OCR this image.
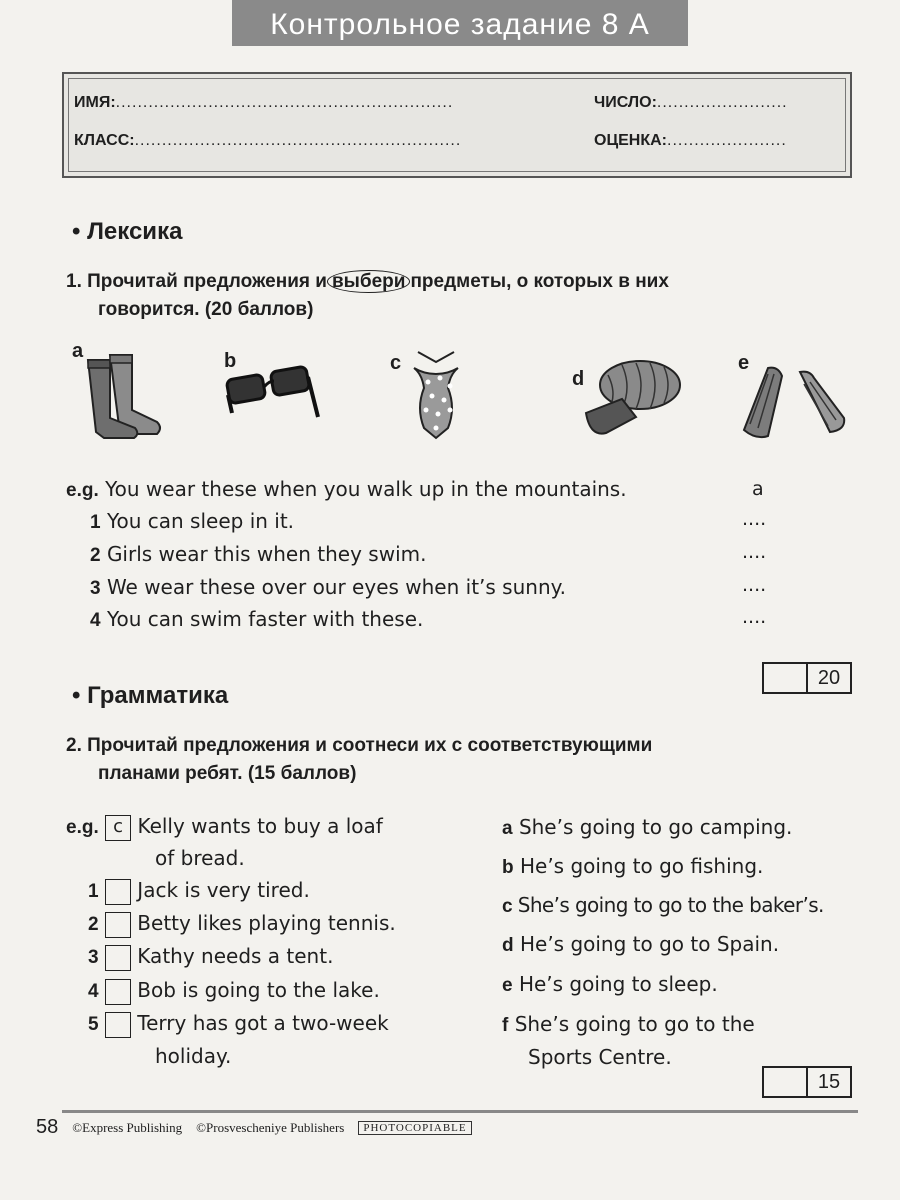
Контрольное задание 8 А
ИМЯ:..............................................................	ЧИСЛО:........................
КЛАСС:............................................................	ОЦЕНКА:......................
• Лексика
1. Прочитай предложения и выбери предметы, о которых в них
говорится. (20 баллов)
a	b	c
d
e
e.g. You wear these when you walk up in the mountains.	a
1 You can sleep in it.	....
2 Girls wear this when they swim.	....
3 We wear these over our eyes when it’s sunny.	....
4 You can swim faster with these.	....
20
• Грамматика
2. Прочитай предложения и соотнеси их с соответствующими
планами ребят. (15 баллов)
e.g. c Kelly wants to buy a loaf
of bread.
1 Jack is very tired.
2 Betty likes playing tennis.
3 Kathy needs a tent.
4 Bob is going to the lake.
5 Terry has got a two-week
holiday.
a She’s going to go camping.
b He’s going to go fishing.
c She’s going to go to the baker’s.
d He’s going to go to Spain.
e He’s going to sleep.
f She’s going to go to the
Sports Centre.
15
58 ©Express Publishing ©Prosvescheniye Publishers	PHOTOCOPIABLE
